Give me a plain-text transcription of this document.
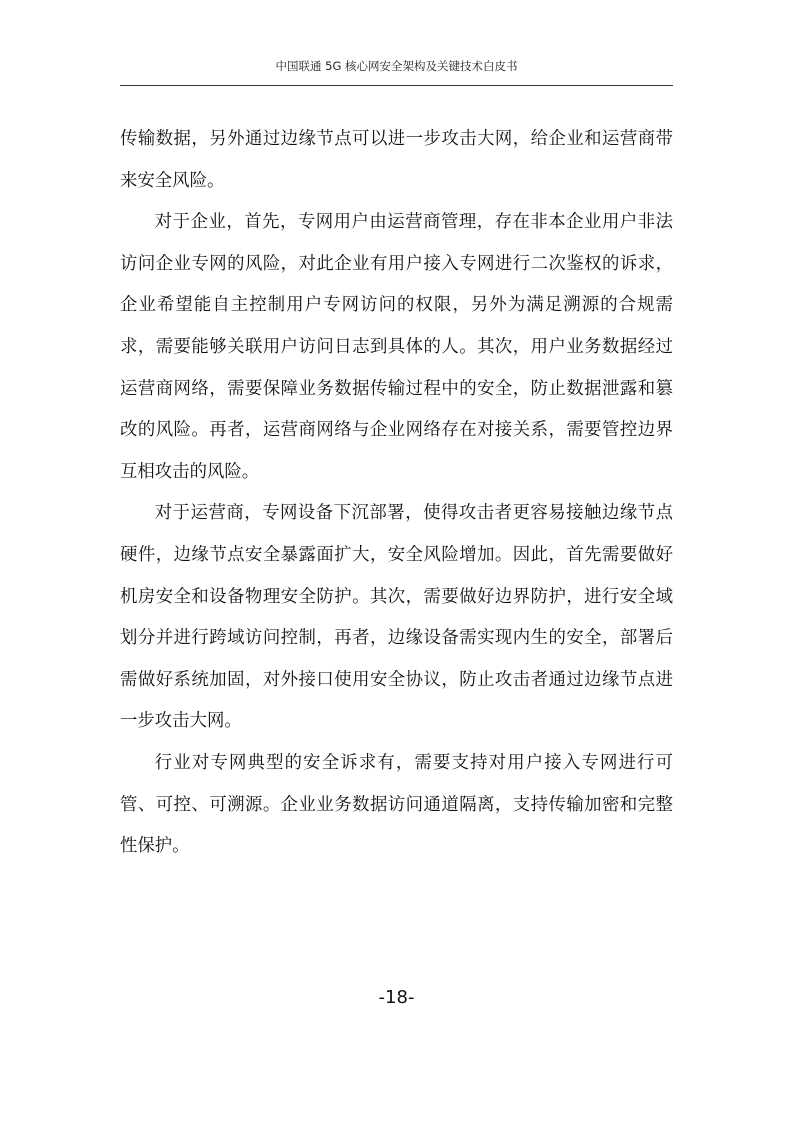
中国联通 5G 核心网安全架构及关键技术白皮书

传输数据，另外通过边缘节点可以进一步攻击大网，给企业和运营商带来安全风险。

对于企业，首先，专网用户由运营商管理，存在非本企业用户非法访问企业专网的风险，对此企业有用户接入专网进行二次鉴权的诉求，企业希望能自主控制用户专网访问的权限，另外为满足溯源的合规需求，需要能够关联用户访问日志到具体的人。其次，用户业务数据经过运营商网络，需要保障业务数据传输过程中的安全，防止数据泄露和篡改的风险。再者，运营商网络与企业网络存在对接关系，需要管控边界互相攻击的风险。

对于运营商，专网设备下沉部署，使得攻击者更容易接触边缘节点硬件，边缘节点安全暴露面扩大，安全风险增加。因此，首先需要做好机房安全和设备物理安全防护。其次，需要做好边界防护，进行安全域划分并进行跨域访问控制，再者，边缘设备需实现内生的安全，部署后需做好系统加固，对外接口使用安全协议，防止攻击者通过边缘节点进一步攻击大网。

行业对专网典型的安全诉求有，需要支持对用户接入专网进行可管、可控、可溯源。企业业务数据访问通道隔离，支持传输加密和完整性保护。

-18-
